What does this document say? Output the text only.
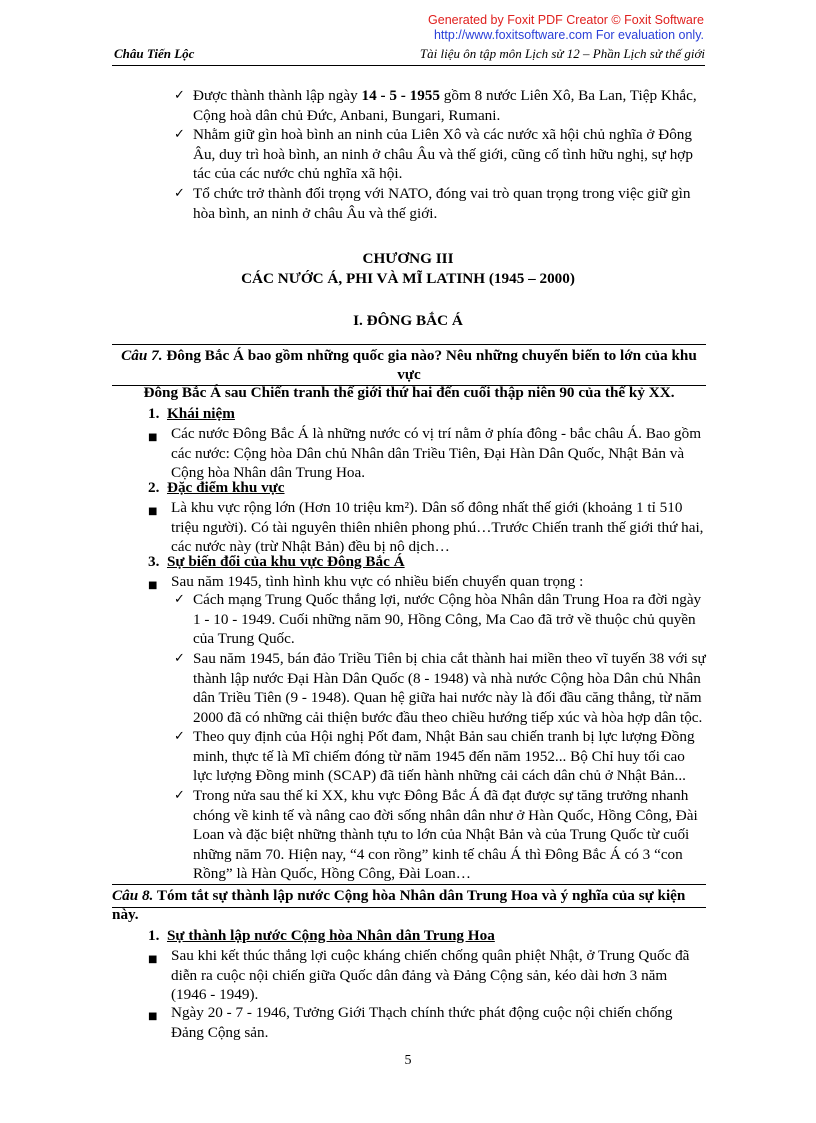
Generated by Foxit PDF Creator © Foxit Software
http://www.foxitsoftware.com For evaluation only.
Châu Tiến Lộc	Tài liệu ôn tập môn Lịch sử 12 – Phần Lịch sử thế giới
✓ Được thành thành lập ngày 14 - 5 - 1955 gồm 8 nước Liên Xô, Ba Lan, Tiệp Khắc,
Cộng hoà dân chủ Đức, Anbani, Bungari, Rumani.
✓ Nhằm giữ gìn hoà bình an ninh của Liên Xô và các nước xã hội chủ nghĩa ở Đông
Âu, duy trì hoà bình, an ninh ở châu Âu và thế giới, cũng cố tình hữu nghị, sự hợp
tác của các nước chủ nghĩa xã hội.
✓ Tổ chức trở thành đối trọng với NATO, đóng vai trò quan trọng trong việc giữ gìn
hòa bình, an ninh ở châu Âu và thế giới.
CHƯƠNG III
CÁC NƯỚC Á, PHI VÀ MĨ LATINH (1945 – 2000)
I. ĐÔNG BẮC Á
Câu 7. Đông Bắc Á bao gồm những quốc gia nào? Nêu những chuyển biến to lớn của khu vực
Đông Bắc Á sau Chiến tranh thế giới thứ hai đến cuối thập niên 90 của thế kỷ XX.
1. Khái niệm
■ Các nước Đông Bắc Á là những nước có vị trí nằm ở phía đông - bắc châu Á. Bao gồm
các nước: Cộng hòa Dân chủ Nhân dân Triều Tiên, Đại Hàn Dân Quốc, Nhật Bản và
Cộng hòa Nhân dân Trung Hoa.
2. Đặc điểm khu vực
■ Là khu vực rộng lớn (Hơn 10 triệu km²). Dân số đông nhất thế giới (khoảng 1 tỉ 510
triệu người). Có tài nguyên thiên nhiên phong phú…Trước Chiến tranh thế giới thứ hai,
các nước này (trừ Nhật Bản) đều bị nô dịch…
3. Sự biến đổi của khu vực Đông Bắc Á
■ Sau năm 1945, tình hình khu vực có nhiều biến chuyển quan trọng :
✓ Cách mạng Trung Quốc thắng lợi, nước Cộng hòa Nhân dân Trung Hoa ra đời ngày
1 - 10 - 1949. Cuối những năm 90, Hồng Công, Ma Cao đã trở về thuộc chủ quyền
của Trung Quốc.
✓ Sau năm 1945, bán đảo Triều Tiên bị chia cắt thành hai miền theo vĩ tuyến 38 với sự
thành lập nước Đại Hàn Dân Quốc (8 - 1948) và nhà nước Cộng hòa Dân chủ Nhân
dân Triều Tiên (9 - 1948). Quan hệ giữa hai nước này là đối đầu căng thẳng, từ năm
2000 đã có những cải thiện bước đầu theo chiều hướng tiếp xúc và hòa hợp dân tộc.
✓ Theo quy định của Hội nghị Pốt đam, Nhật Bản sau chiến tranh bị lực lượng Đồng
minh, thực tế là Mĩ chiếm đóng từ năm 1945 đến năm 1952... Bộ Chỉ huy tối cao
lực lượng Đồng minh (SCAP) đã tiến hành những cải cách dân chủ ở Nhật Bản...
✓ Trong nửa sau thế kỉ XX, khu vực Đông Bắc Á đã đạt được sự tăng trưởng nhanh
chóng về kinh tế và nâng cao đời sống nhân dân như ở Hàn Quốc, Hồng Công, Đài
Loan và đặc biệt những thành tựu to lớn của Nhật Bản và của Trung Quốc từ cuối
những năm 70. Hiện nay, “4 con rồng” kinh tế châu Á thì Đông Bắc Á có 3 “con
Rồng” là Hàn Quốc, Hồng Công, Đài Loan…
Câu 8. Tóm tắt sự thành lập nước Cộng hòa Nhân dân Trung Hoa và ý nghĩa của sự kiện này.
1. Sự thành lập nước Cộng hòa Nhân dân Trung Hoa
■ Sau khi kết thúc thắng lợi cuộc kháng chiến chống quân phiệt Nhật, ở Trung Quốc đã
diễn ra cuộc nội chiến giữa Quốc dân đảng và Đảng Cộng sản, kéo dài hơn 3 năm
(1946 - 1949).
■ Ngày 20 - 7 - 1946, Tưởng Giới Thạch chính thức phát động cuộc nội chiến chống
Đảng Cộng sản.
5
